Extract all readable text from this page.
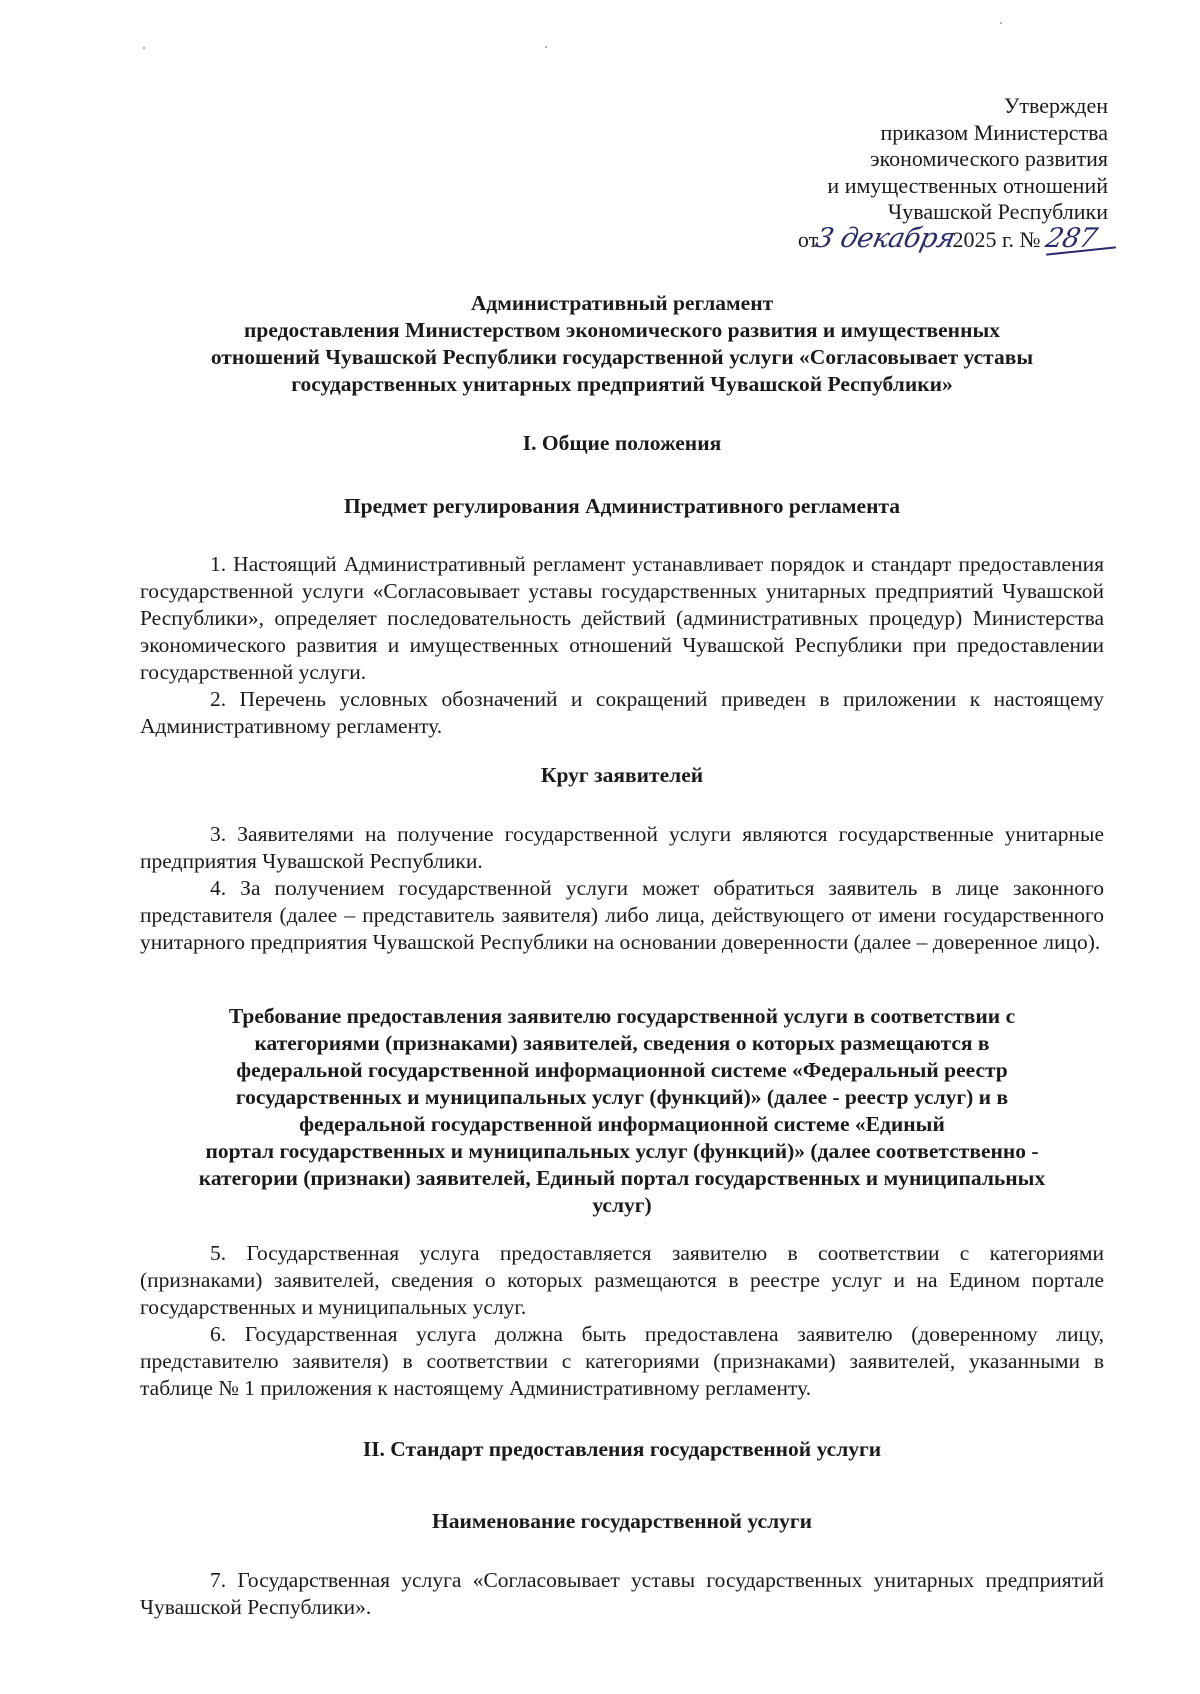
Утвержден
приказом Министерства
экономического развития
и имущественных отношений
Чувашской Республики
от3 декабря2025 г. № 287
Административный регламент
предоставления Министерством экономического развития и имущественных
отношений Чувашской Республики государственной услуги «Согласовывает уставы
государственных унитарных предприятий Чувашской Республики»
I. Общие положения
Предмет регулирования Административного регламента

1. Настоящий Административный регламент устанавливает порядок и стандарт предоставления государственной услуги «Согласовывает уставы государственных унитарных предприятий Чувашской Республики», определяет последовательность действий (административных процедур) Министерства экономического развития и имущественных отношений Чувашской Республики при предоставлении государственной услуги.

2. Перечень условных обозначений и сокращений приведен в приложении к настоящему Административному регламенту.

Круг заявителей

3. Заявителями на получение государственной услуги являются государственные унитарные предприятия Чувашской Республики.

4. За получением государственной услуги может обратиться заявитель в лице законного представителя (далее – представитель заявителя) либо лица, действующего от имени государственного унитарного предприятия Чувашской Республики на основании доверенности (далее – доверенное лицо).

Требование предоставления заявителю государственной услуги в соответствии с
категориями (признаками) заявителей, сведения о которых размещаются в
федеральной государственной информационной системе «Федеральный реестр
государственных и муниципальных услуг (функций)» (далее - реестр услуг) и в
федеральной государственной информационной системе «Единый
портал государственных и муниципальных услуг (функций)» (далее соответственно -
категории (признаки) заявителей, Единый портал государственных и муниципальных
услуг)

5. Государственная услуга предоставляется заявителю в соответствии с категориями (признаками) заявителей, сведения о которых размещаются в реестре услуг и на Едином портале государственных и муниципальных услуг.

6. Государственная услуга должна быть предоставлена заявителю (доверенному лицу, представителю заявителя) в соответствии с категориями (признаками) заявителей, указанными в таблице № 1 приложения к настоящему Административному регламенту.

II. Стандарт предоставления государственной услуги
Наименование государственной услуги

7. Государственная услуга «Согласовывает уставы государственных унитарных предприятий Чувашской Республики».
